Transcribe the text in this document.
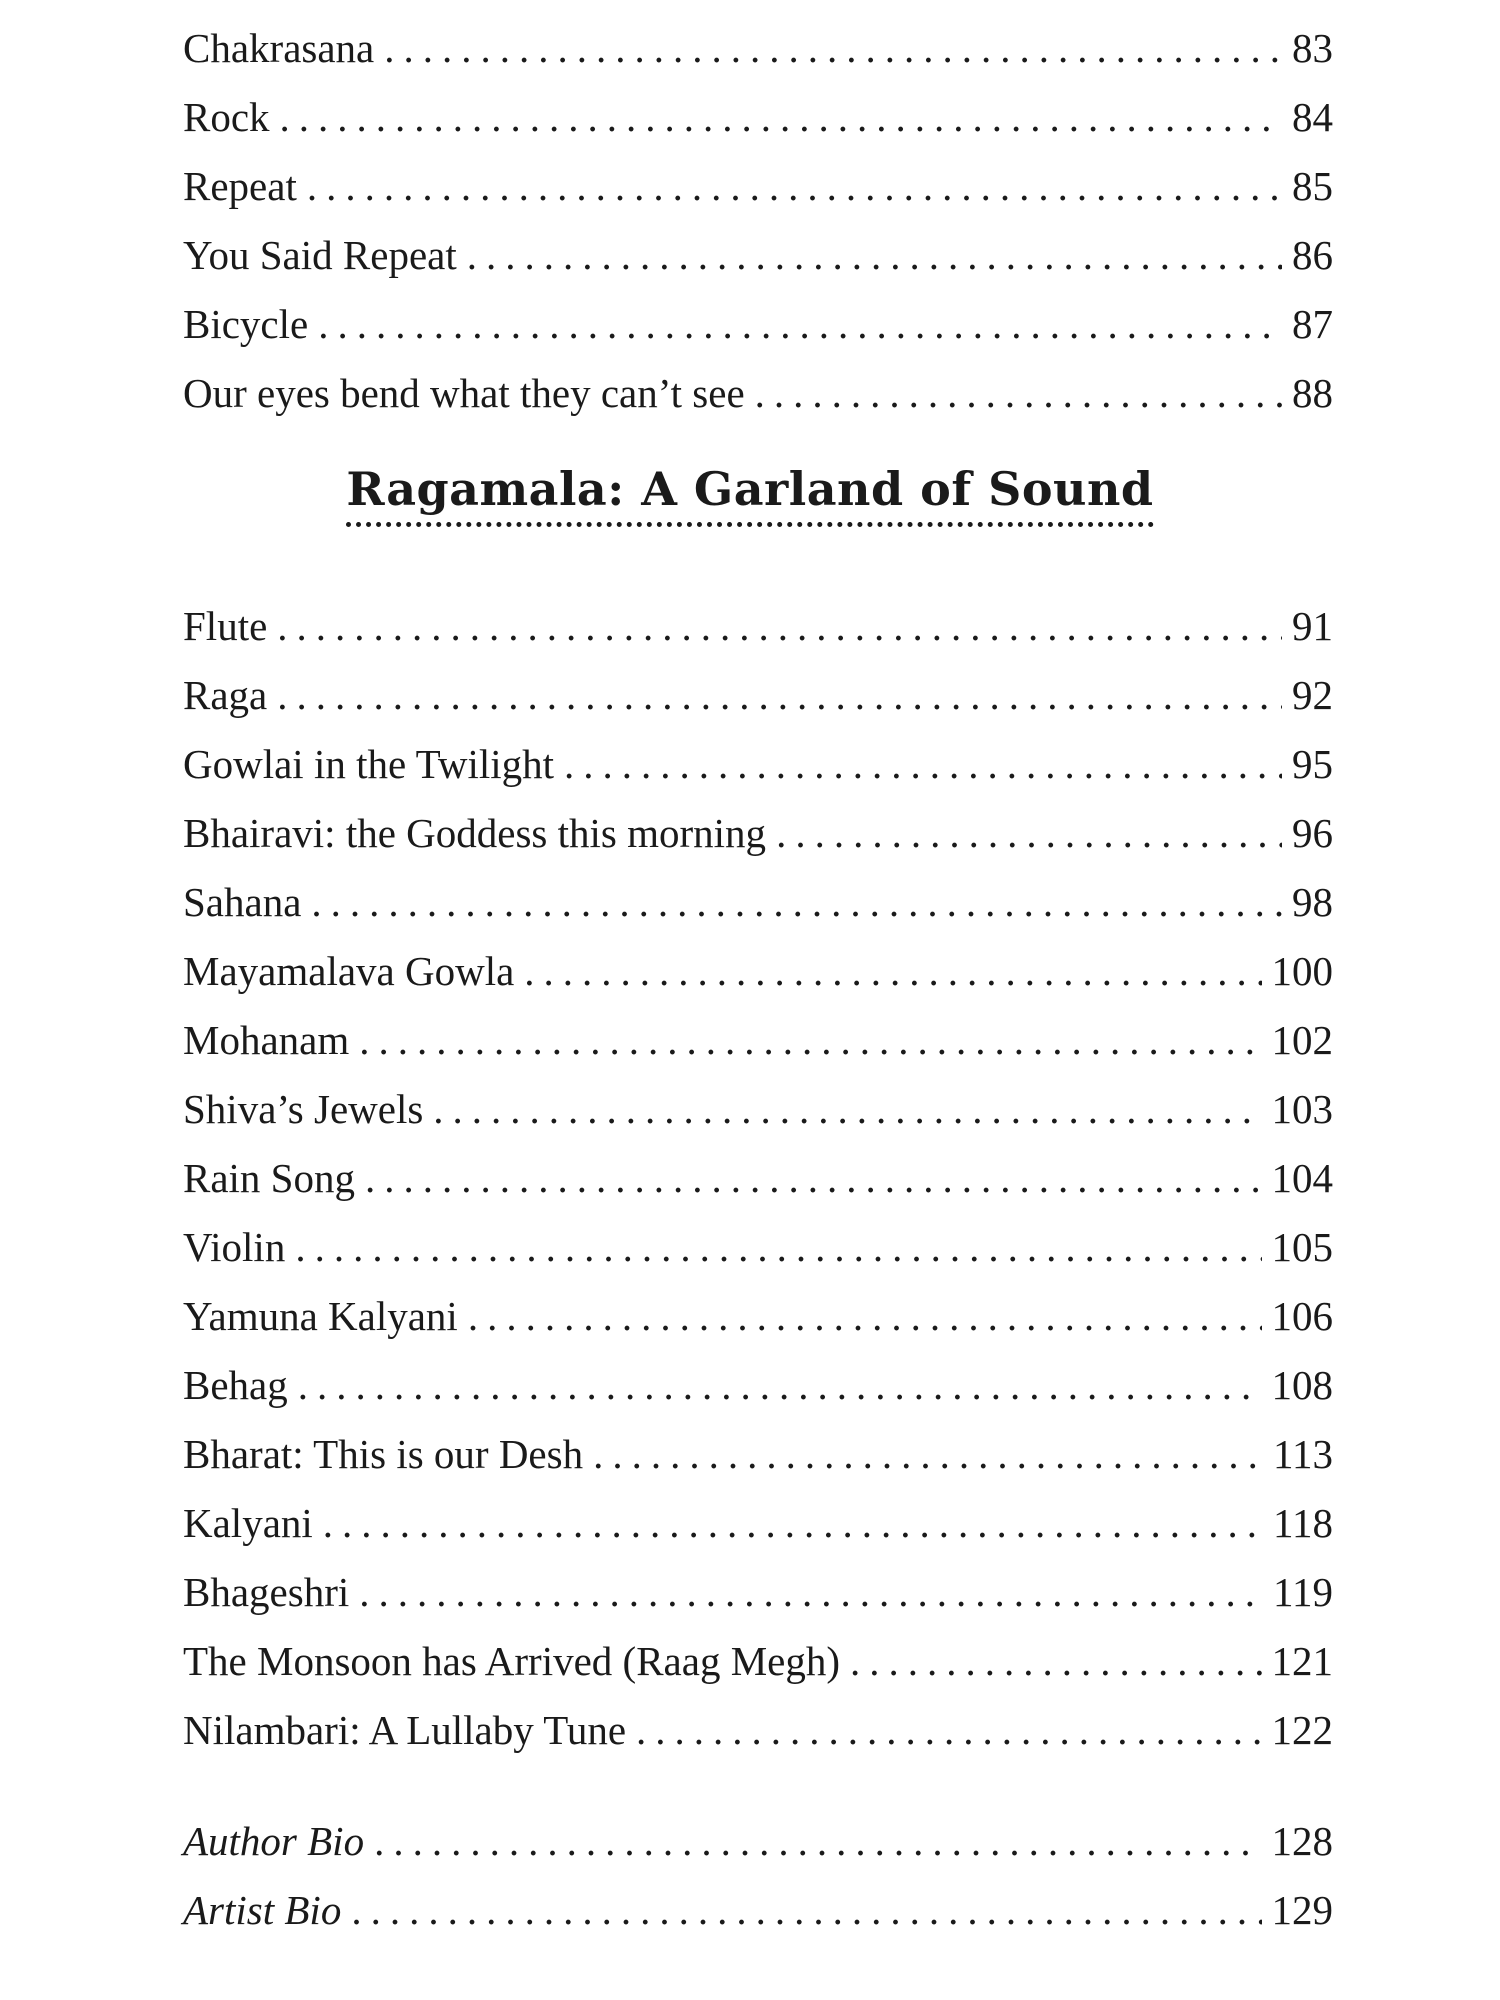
Chakrasana .....	83
Rock .....	84
Repeat .....	85
You Said Repeat .....	86
Bicycle .....	87
Our eyes bend what they can’t see .....	88
Ragamala: A Garland of Sound
Flute .....	91
Raga .....	92
Gowlai in the Twilight .....	95
Bhairavi: the Goddess this morning .....	96
Sahana .....	98
Mayamalava Gowla .....	100
Mohanam .....	102
Shiva’s Jewels .....	103
Rain Song .....	104
Violin .....	105
Yamuna Kalyani .....	106
Behag .....	108
Bharat: This is our Desh .....	113
Kalyani .....	118
Bhageshri .....	119
The Monsoon has Arrived (Raag Megh) .....	121
Nilambari: A Lullaby Tune .....	122
Author Bio .....	128
Artist Bio .....	129
